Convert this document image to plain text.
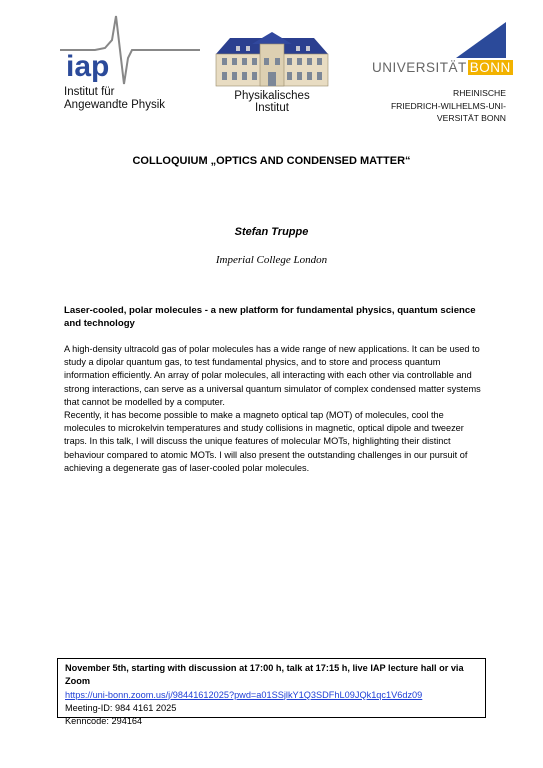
iap
Institut für
Angewandte Physik
Physikalisches
Institut
UNIVERSITÄT BONN
RHEINISCHE
FRIEDRICH-WILHELMS-UNI-
VERSITÄT BONN
COLLOQUIUM „OPTICS AND CONDENSED MATTER“
Stefan Truppe
Imperial College London
Laser-cooled, polar molecules - a new platform for fundamental physics, quantum science and technology

A high-density ultracold gas of polar molecules has a wide range of new applications. It can be used to study a dipolar quantum gas, to test fundamental physics, and to store and process quantum information efficiently. An array of polar molecules, all interacting with each other via controllable and strong interactions, can serve as a universal quantum simulator of complex condensed matter systems that cannot be modelled by a computer.

Recently, it has become possible to make a magneto optical tap (MOT) of molecules, cool the molecules to microkelvin temperatures and study collisions in magnetic, optical dipole and tweezer traps. In this talk, I will discuss the unique features of molecular MOTs, highlighting their distinct behaviour compared to atomic MOTs. I will also present the outstanding challenges in our pursuit of achieving a degenerate gas of laser-cooled polar molecules.

November 5th, starting with discussion at 17:00 h, talk at 17:15 h, live IAP lecture hall or via Zoom
https://uni-bonn.zoom.us/j/98441612025?pwd=a01SSjlkY1Q3SDFhL09JQk1qc1V6dz09
Meeting-ID: 984 4161 2025
Kenncode: 294164
